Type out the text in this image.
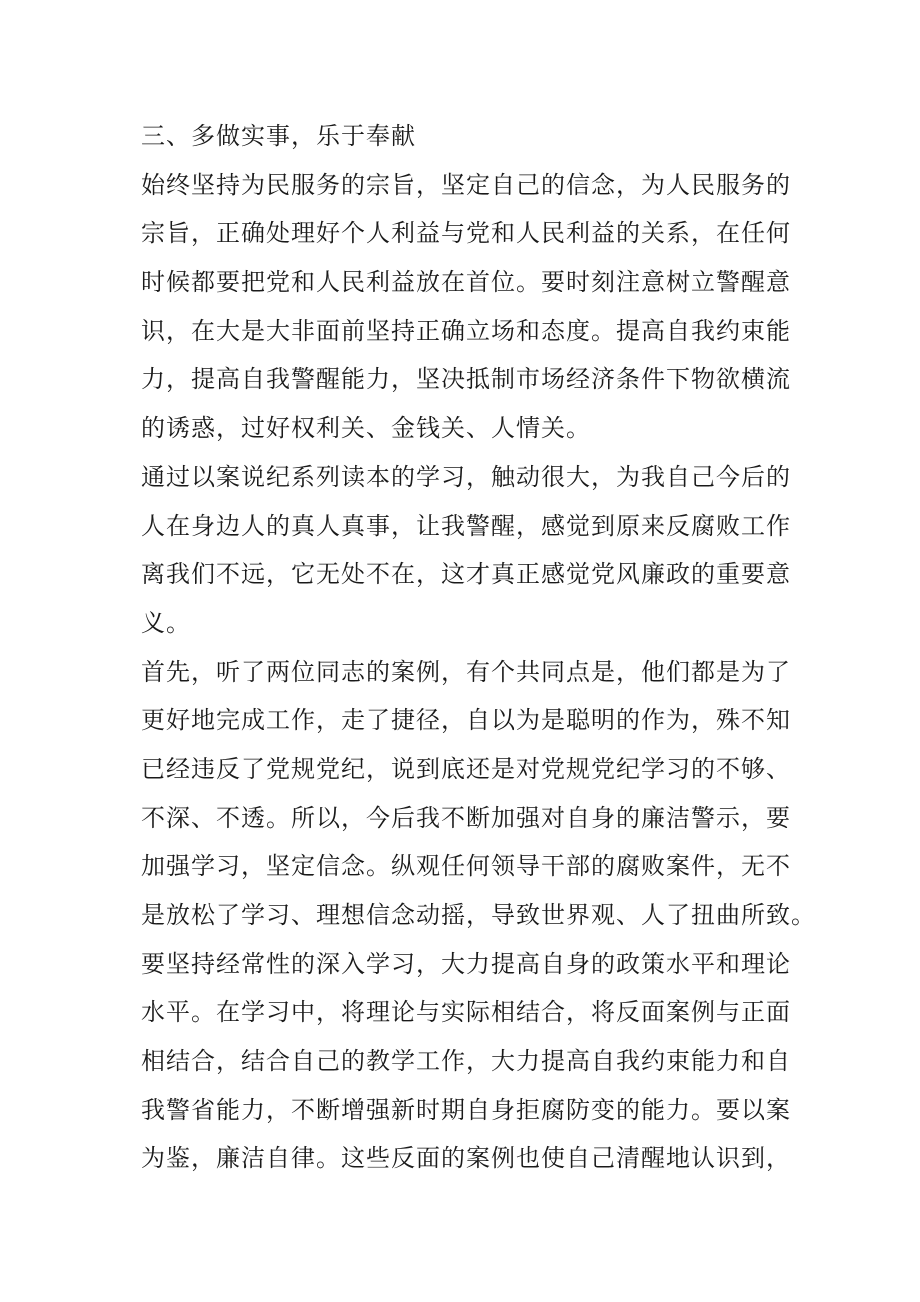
三、多做实事，乐于奉献
始终坚持为民服务的宗旨，坚定自己的信念，为人民服务的
宗旨，正确处理好个人利益与党和人民利益的关系，在任何
时候都要把党和人民利益放在首位。要时刻注意树立警醒意
识，在大是大非面前坚持正确立场和态度。提高自我约束能
力，提高自我警醒能力，坚决抵制市场经济条件下物欲横流
的诱惑，过好权利关、金钱关、人情关。
通过以案说纪系列读本的学习，触动很大，为我自己今后的
人在身边人的真人真事，让我警醒，感觉到原来反腐败工作
离我们不远，它无处不在，这才真正感觉党风廉政的重要意
义。
首先，听了两位同志的案例，有个共同点是，他们都是为了
更好地完成工作，走了捷径，自以为是聪明的作为，殊不知
已经违反了党规党纪，说到底还是对党规党纪学习的不够、
不深、不透。所以，今后我不断加强对自身的廉洁警示，要
加强学习，坚定信念。纵观任何领导干部的腐败案件，无不
是放松了学习、理想信念动摇，导致世界观、人了扭曲所致。
要坚持经常性的深入学习，大力提高自身的政策水平和理论
水平。在学习中，将理论与实际相结合，将反面案例与正面
相结合，结合自己的教学工作，大力提高自我约束能力和自
我警省能力，不断增强新时期自身拒腐防变的能力。要以案
为鉴，廉洁自律。这些反面的案例也使自己清醒地认识到，
